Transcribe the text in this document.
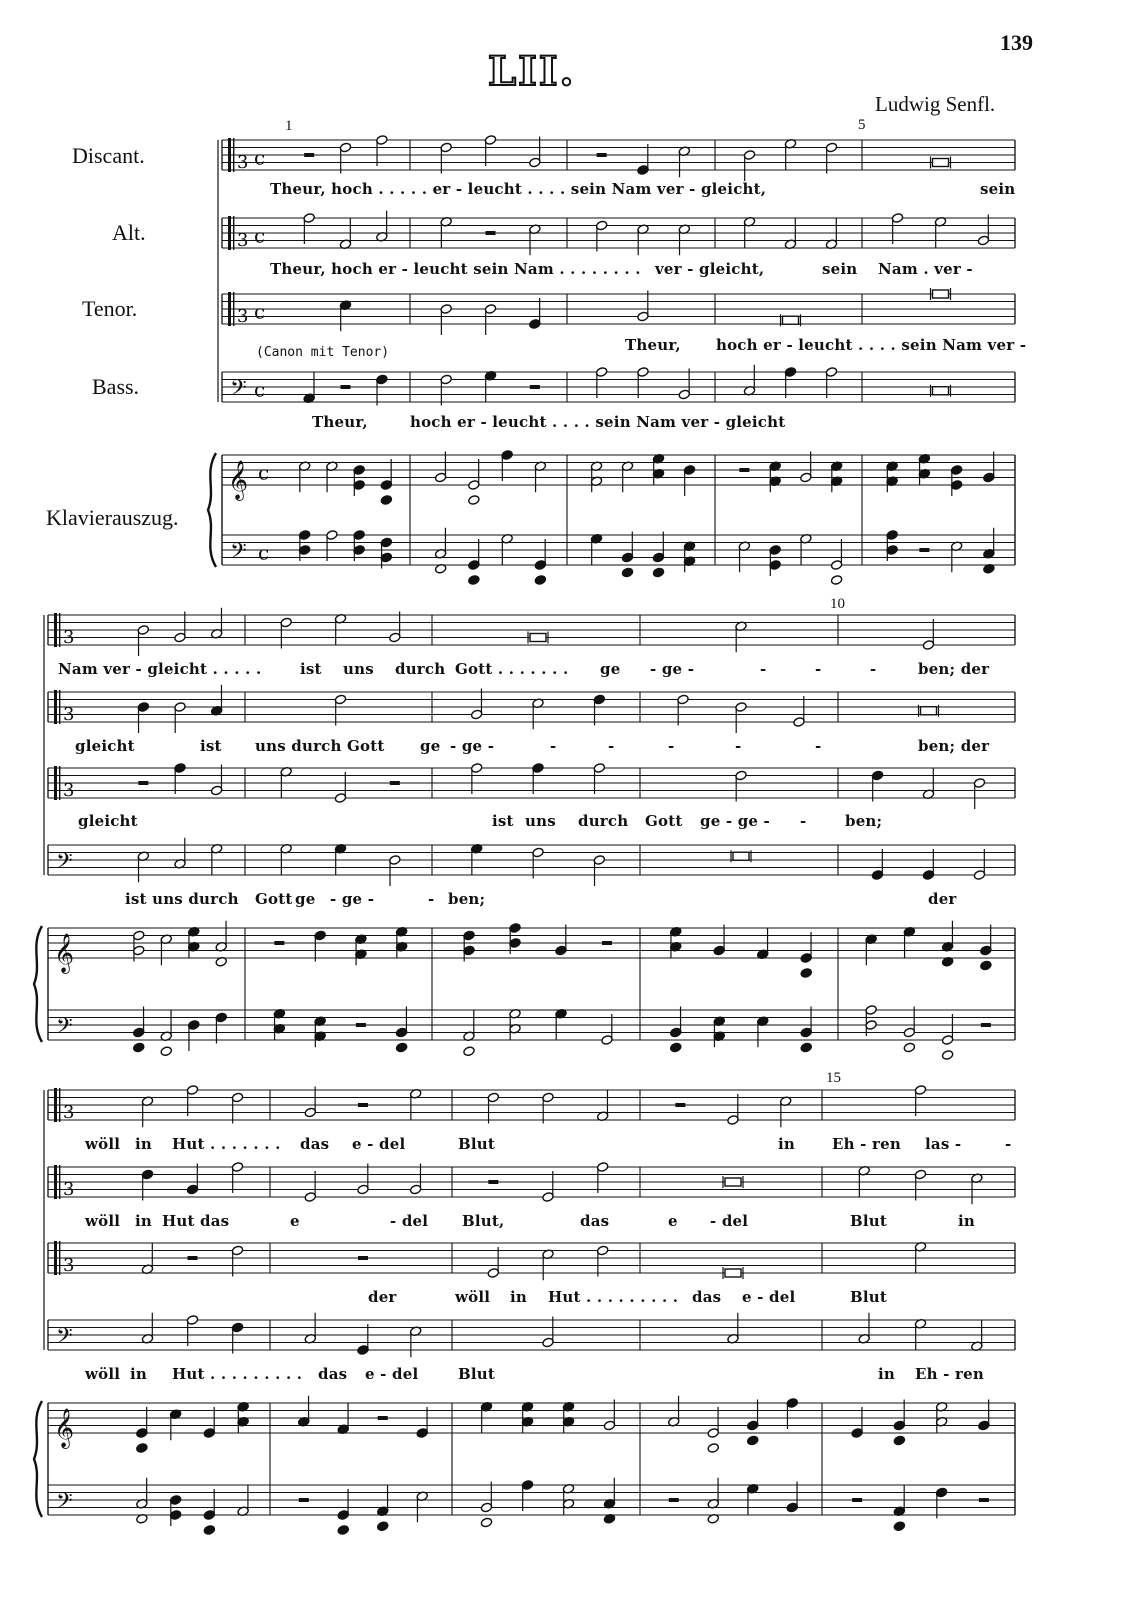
139
LII.
Ludwig Senfl.
Discant.
Alt.
Tenor.
Bass.
Klavierauszug.
(Canon mit Tenor)
1	5
10
15
Theur, hoch . . . . . er - leucht . . . . sein Nam ver - gleicht,	sein
Theur, hoch er - leucht sein Nam . . . . . . . . ver - gleicht,	sein Nam . ver -
Theur, hoch er - leucht . . . . sein Nam ver -
Theur,	hoch er - leucht . . . . sein Nam ver - gleicht
Nam ver - gleicht . . . . .	ist uns durch Gott . . . . . . . ge - ge -	-	-	-	ben; der
gleicht	ist uns durch Gott ge - ge -	-	-	-	-	-	ben; der
gleicht	ist uns durch Gott ge - ge - -	ben;
ist uns durch Gott ge - ge -	- ben;	der
wöll in Hut . . . . . . . das e - del	Blut	in Eh - ren las -	-
wöll in Hut das	e	- del Blut,	das	e - del	Blut	in
der	wöll in Hut . . . . . . . . . das e - del	Blut
wöll in Hut . . . . . . . . . das e - del	Blut	in Eh - ren
3 c
3 c
3 c
𝄢 c
𝄞
𝄢
c
c
3
3
3
𝄢
𝄞
𝄢
3
3
3
𝄢
𝄞
𝄢
